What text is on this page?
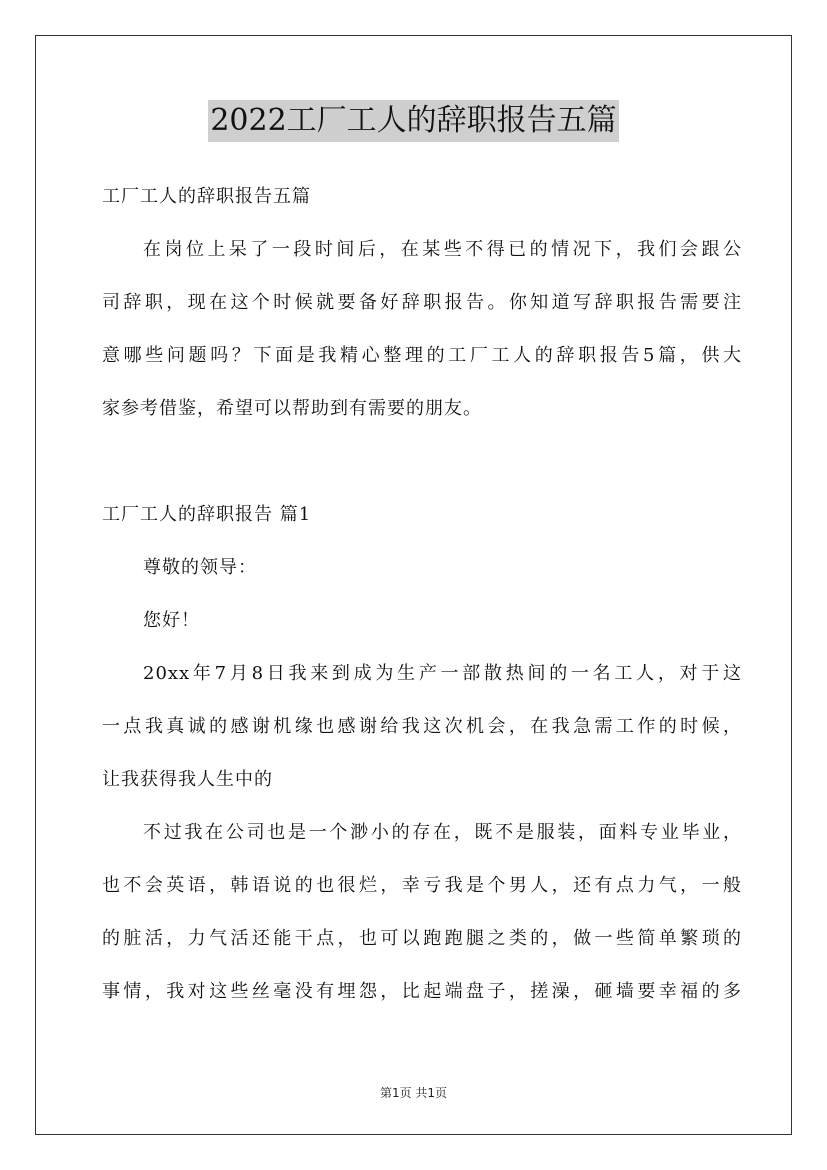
2022工厂工人的辞职报告五篇
工厂工人的辞职报告五篇
在岗位上呆了一段时间后，在某些不得已的情况下，我们会跟公
司辞职，现在这个时候就要备好辞职报告。你知道写辞职报告需要注
意哪些问题吗？下面是我精心整理的工厂工人的辞职报告5篇，供大
家参考借鉴，希望可以帮助到有需要的朋友。
工厂工人的辞职报告 篇1
尊敬的领导：
您好！
20xx年7月8日我来到成为生产一部散热间的一名工人，对于这
一点我真诚的感谢机缘也感谢给我这次机会，在我急需工作的时候，
让我获得我人生中的
不过我在公司也是一个渺小的存在，既不是服装，面料专业毕业，
也不会英语，韩语说的也很烂，幸亏我是个男人，还有点力气，一般
的脏活，力气活还能干点，也可以跑跑腿之类的，做一些简单繁琐的
事情，我对这些丝毫没有埋怨，比起端盘子，搓澡，砸墙要幸福的多
第1页 共1页
